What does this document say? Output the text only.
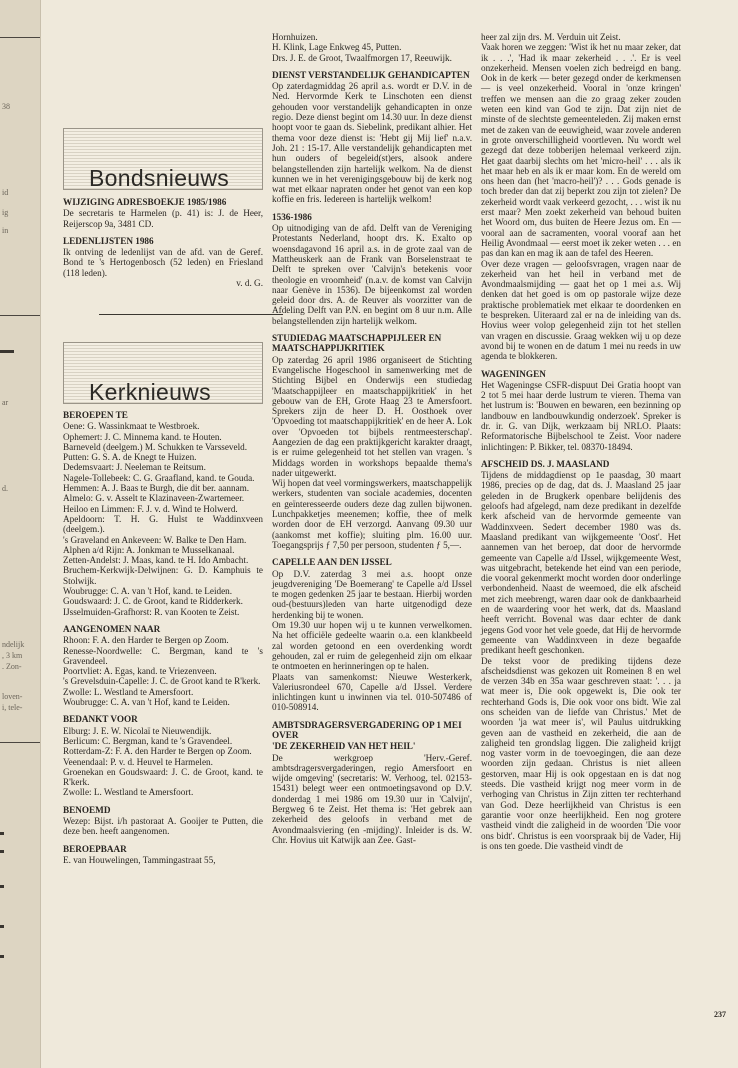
38
id
ig
in
ar
d.
ndelijk
, 3 km
. Zon-
loven-
i, tele-
Bondsnieuws
WIJZIGING ADRESBOEKJE 1985/1986

De secretaris te Harmelen (p. 41) is: J. de Heer, Reijerscop 9a, 3481 CD.

LEDENLIJSTEN 1986

Ik ontving de ledenlijst van de afd. van de Geref. Bond te 's Hertogenbosch (52 leden) en Friesland (118 leden).

v. d. G.

Kerknieuws
BEROEPEN TE

Oene: G. Wassinkmaat te Westbroek.

Ophemert: J. C. Minnema kand. te Houten.

Barneveld (deelgem.) M. Schukken te Varsseveld.

Putten: G. S. A. de Knegt te Huizen.

Dedemsvaart: J. Neeleman te Reitsum.

Nagele-Tollebeek: C. G. Graafland, kand. te Gouda.

Hemmen: A. J. Baas te Burgh, die dit ber. aannam.

Almelo: G. v. Asselt te Klazinaveen-Zwartemeer.

Heiloo en Limmen: F. J. v. d. Wind te Holwerd.

Apeldoorn: T. H. G. Hulst te Waddinxveen (deelgem.).

's Graveland en Ankeveen: W. Balke te Den Ham.

Alphen a/d Rijn: A. Jonkman te Musselkanaal.

Zetten-Andelst: J. Maas, kand. te H. Ido Ambacht.

Bruchem-Kerkwijk-Delwijnen: G. D. Kamphuis te Stolwijk.

Woubrugge: C. A. van 't Hof, kand. te Leiden.

Goudswaard: J. C. de Groot, kand te Ridderkerk.

IJsselmuiden-Grafhorst: R. van Kooten te Zeist.

AANGENOMEN NAAR

Rhoon: F. A. den Harder te Bergen op Zoom.

Renesse-Noordwelle: C. Bergman, kand te 's Gravendeel.

Poortvliet: A. Egas, kand. te Vriezenveen.

's Grevelsduin-Capelle: J. C. de Groot kand te R'kerk.

Zwolle: L. Westland te Amersfoort.

Woubrugge: C. A. van 't Hof, kand te Leiden.

BEDANKT VOOR

Elburg: J. E. W. Nicolaï te Nieuwendijk.

Berlicum: C. Bergman, kand te 's Gravendeel.

Rotterdam-Z: F. A. den Harder te Bergen op Zoom.

Veenendaal: P. v. d. Heuvel te Harmelen.

Groenekan en Goudswaard: J. C. de Groot, kand. te R'kerk.

Zwolle: L. Westland te Amersfoort.

BENOEMD

Wezep: Bijst. i/h pastoraat A. Gooijer te Putten, die deze ben. heeft aangenomen.

BEROEPBAAR

E. van Houwelingen, Tammingastraat 55,

Hornhuizen.

H. Klink, Lage Enkweg 45, Putten.

Drs. J. E. de Groot, Twaalfmorgen 17, Reeuwijk.

DIENST VERSTANDELIJK GEHANDICAPTEN

Op zaterdagmiddag 26 april a.s. wordt er D.V. in de Ned. Hervormde Kerk te Linschoten een dienst gehouden voor verstandelijk gehandicapten in onze regio. Deze dienst begint om 14.30 uur. In deze dienst hoopt voor te gaan ds. Siebelink, predikant alhier. Het thema voor deze dienst is: 'Hebt gij Mij lief' n.a.v. Joh. 21 : 15-17. Alle verstandelijk gehandicapten met hun ouders of begeleid(st)ers, alsook andere belangstellenden zijn hartelijk welkom. Na de dienst kunnen we in het verenigingsgebouw bij de kerk nog wat met elkaar napraten onder het genot van een kop koffie en fris. Iedereen is hartelijk welkom!

1536-1986

Op uitnodiging van de afd. Delft van de Vereniging Protestants Nederland, hoopt drs. K. Exalto op woensdagavond 16 april a.s. in de grote zaal van de Mattheuskerk aan de Frank van Borselenstraat te Delft te spreken over 'Calvijn's betekenis voor theologie en vroomheid' (n.a.v. de komst van Calvijn naar Genève in 1536). De bijeenkomst zal worden geleid door drs. A. de Reuver als voorzitter van de Afdeling Delft van P.N. en begint om 8 uur n.m. Alle belangstellenden zijn hartelijk welkom.

STUDIEDAG MAATSCHAPPIJLEER EN MAATSCHAPPIJKRITIEK

Op zaterdag 26 april 1986 organiseert de Stichting Evangelische Hogeschool in samenwerking met de Stichting Bijbel en Onderwijs een studiedag 'Maatschappijleer en maatschappijkritiek' in het gebouw van de EH, Grote Haag 23 te Amersfoort. Sprekers zijn de heer D. H. Oosthoek over 'Opvoeding tot maatschappijkritiek' en de heer A. Lok over 'Opvoeden tot bijbels rentmeesterschap'. Aangezien de dag een praktijkgericht karakter draagt, is er ruime gelegenheid tot het stellen van vragen. 's Middags worden in workshops bepaalde thema's nader uitgewerkt.

Wij hopen dat veel vormingswerkers, maatschappelijk werkers, studenten van sociale academies, docenten en geïnteresseerde ouders deze dag zullen bijwonen. Lunchpakketjes meenemen; koffie, thee of melk worden door de EH verzorgd. Aanvang 09.30 uur (aankomst met koffie); sluiting plm. 16.00 uur. Toegangsprijs ƒ 7,50 per persoon, studenten ƒ 5,—.

CAPELLE AAN DEN IJSSEL

Op D.V. zaterdag 3 mei a.s. hoopt onze jeugdvereniging 'De Boemerang' te Capelle a/d IJssel te mogen gedenken 25 jaar te bestaan. Hierbij worden oud-(bestuurs)leden van harte uitgenodigd deze herdenking bij te wonen.

Om 19.30 uur hopen wij u te kunnen verwelkomen. Na het officiële gedeelte waarin o.a. een klankbeeld zal worden getoond en een overdenking wordt gehouden, zal er ruim de gelegenheid zijn om elkaar te ontmoeten en herinneringen op te halen.

Plaats van samenkomst: Nieuwe Westerkerk, Valeriusrondeel 670, Capelle a/d IJssel. Verdere inlichtingen kunt u inwinnen via tel. 010-507486 of 010-508914.

AMBTSDRAGERSVERGADERING OP 1 MEI OVER
'DE ZEKERHEID VAN HET HEIL'

De werkgroep 'Herv.-Geref. ambtsdragersvergaderingen, regio Amersfoort en wijde omgeving' (secretaris: W. Verhoog, tel. 02153-15431) belegt weer een ontmoetingsavond op D.V. donderdag 1 mei 1986 om 19.30 uur in 'Calvijn', Bergweg 6 te Zeist. Het thema is: 'Het gebrek aan zekerheid des geloofs in verband met de Avondmaalsviering (en -mijding)'. Inleider is ds. W. Chr. Hovius uit Katwijk aan Zee. Gast-

heer zal zijn drs. M. Verduin uit Zeist.

Vaak horen we zeggen: 'Wist ik het nu maar zeker, dat ik . . .', 'Had ik maar zekerheid . . .'. Er is veel onzekerheid. Mensen voelen zich bedreigd en bang. Ook in de kerk — beter gezegd onder de kerkmensen — is veel onzekerheid. Vooral in 'onze kringen' treffen we mensen aan die zo graag zeker zouden weten een kind van God te zijn. Dat zijn niet de minste of de slechtste gemeenteleden. Zij maken ernst met de zaken van de eeuwigheid, waar zovele anderen in grote onverschilligheid voortleven. Nu wordt wel gezegd dat deze tobberijen helemaal verkeerd zijn. Het gaat daarbij slechts om het 'micro-heil' . . . als ik het maar heb en als ik er maar kom. En de wereld om ons heen dan (het 'macro-heil')? . . . Gods genade is toch breder dan dat zij beperkt zou zijn tot zielen? De zekerheid wordt vaak verkeerd gezocht, . . . wist ik nu erst maar? Men zoekt zekerheid van behoud buiten het Woord om, dus buiten de Heere Jezus om. En — vooral aan de sacramenten, vooral vooraf aan het Heilig Avondmaal — eerst moet ik zeker weten . . . en pas dan kan en mag ik aan de tafel des Heeren.

Over deze vragen — geloofsvragen, vragen naar de zekerheid van het heil in verband met de Avondmaalsmijding — gaat het op 1 mei a.s. Wij denken dat het goed is om op pastorale wijze deze praktische problematiek met elkaar te doordenken en te bespreken. Uiteraard zal er na de inleiding van ds. Hovius weer volop gelegenheid zijn tot het stellen van vragen en discussie. Graag wekken wij u op deze avond bij te wonen en de datum 1 mei nu reeds in uw agenda te blokkeren.

WAGENINGEN

Het Wageningse CSFR-dispuut Dei Gratia hoopt van 2 tot 5 mei haar derde lustrum te vieren. Thema van het lustrum is: 'Bouwen en bewaren, een bezinning op landbouw en landbouwkundig onderzoek'. Spreker is dr. ir. G. van Dijk, werkzaam bij NRLO. Plaats: Reformatorische Bijbelschool te Zeist. Voor nadere inlichtingen: P. Bikker, tel. 08370-18494.

AFSCHEID DS. J. MAASLAND

Tijdens de middagdienst op 1e paasdag, 30 maart 1986, precies op de dag, dat ds. J. Maasland 25 jaar geleden in de Brugkerk openbare belijdenis des geloofs had afgelegd, nam deze predikant in dezelfde kerk afscheid van de hervormde gemeente van Waddinxveen. Sedert december 1980 was ds. Maasland predikant van wijkgemeente 'Oost'. Het aannemen van het beroep, dat door de hervormde gemeente van Capelle a/d IJssel, wijkgemeente West, was uitgebracht, betekende het eind van een periode, die vooral gekenmerkt mocht worden door onderlinge verbondenheid. Naast de weemoed, die elk afscheid met zich meebrengt, waren daar ook de dankbaarheid en de waardering voor het werk, dat ds. Maasland heeft verricht. Bovenal was daar echter de dank jegens God voor het vele goede, dat Hij de hervormde gemeente van Waddinxveen in deze begaafde predikant heeft geschonken.

De tekst voor de prediking tijdens deze afscheidsdienst was gekozen uit Romeinen 8 en wel de verzen 34b en 35a waar geschreven staat: '. . . ja wat meer is, Die ook opgewekt is, Die ook ter rechterhand Gods is, Die ook voor ons bidt. Wie zal ons scheiden van de liefde van Christus.' Met de woorden 'ja wat meer is', wil Paulus uitdrukking geven aan de vastheid en zekerheid, die aan de zaligheid ten grondslag liggen. Die zaligheid krijgt nog vaster vorm in de toevoegingen, die aan deze woorden zijn gedaan. Christus is niet alleen gestorven, maar Hij is ook opgestaan en is dat nog steeds. Die vastheid krijgt nog meer vorm in de verhoging van Christus in Zijn zitten ter rechterhand van God. Deze heerlijkheid van Christus is een garantie voor onze heerlijkheid. Een nog grotere vastheid vindt die zaligheid in de woorden 'Die voor ons bidt'. Christus is een voorspraak bij de Vader, Hij is ons ten goede. Die vastheid vindt de

237
